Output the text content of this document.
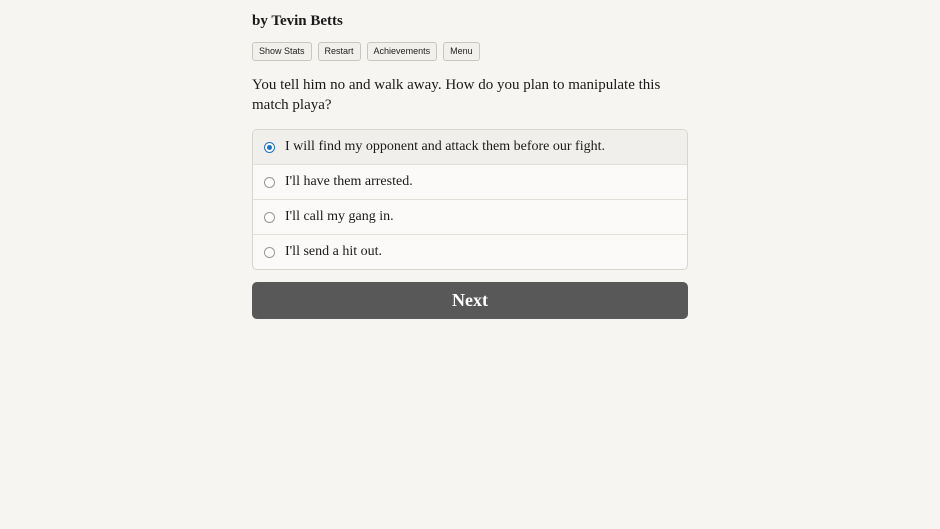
by Tevin Betts
Show Stats	Restart	Achievements	Menu
You tell him no and walk away. How do you plan to manipulate this match playa?
I will find my opponent and attack them before our fight.
I'll have them arrested.
I'll call my gang in.
I'll send a hit out.
Next
